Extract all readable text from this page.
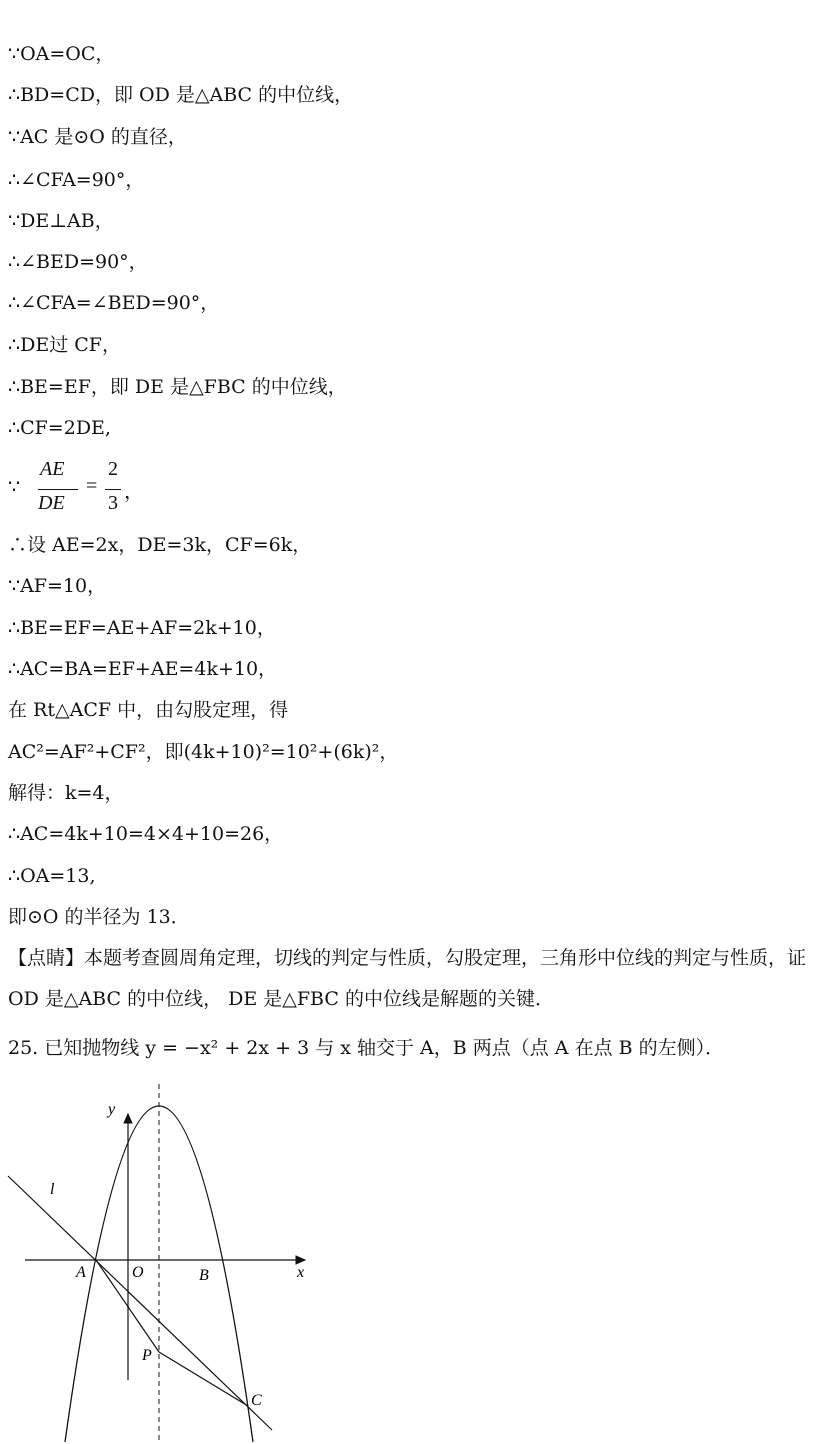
∵OA=OC，
∴BD=CD，即 OD 是△ABC 的中位线，
∵AC 是⊙O 的直径，
∴∠CFA=90°，
∵DE⊥AB，
∴∠BED=90°，
∴∠CFA=∠BED=90°，
∴DE过 CF，
∴BE=EF，即 DE 是△FBC 的中位线，
∴CF=2DE,
∵
AE
DE
=
2
3 ，
∴设 AE=2x，DE=3k，CF=6k，
∵AF=10，
∴BE=EF=AE+AF=2k+10，
∴AC=BA=EF+AE=4k+10，
在 Rt△ACF 中，由勾股定理，得
AC²=AF²+CF²，即(4k+10)²=10²+(6k)²，
解得：k=4，
∴AC=4k+10=4×4+10=26，
∴OA=13,
即⊙O 的半径为 13．
【点睛】本题考查圆周角定理，切线的判定与性质，勾股定理，三角形中位线的判定与性质，证 OD 是△ABC 的中位线， DE 是△FBC 的中位线是解题的关键．
25. 已知抛物线 y = −x² + 2x + 3 与 x 轴交于 A，B 两点（点 A 在点 B 的左侧）．
y
x
l
A	O	B
P
C
